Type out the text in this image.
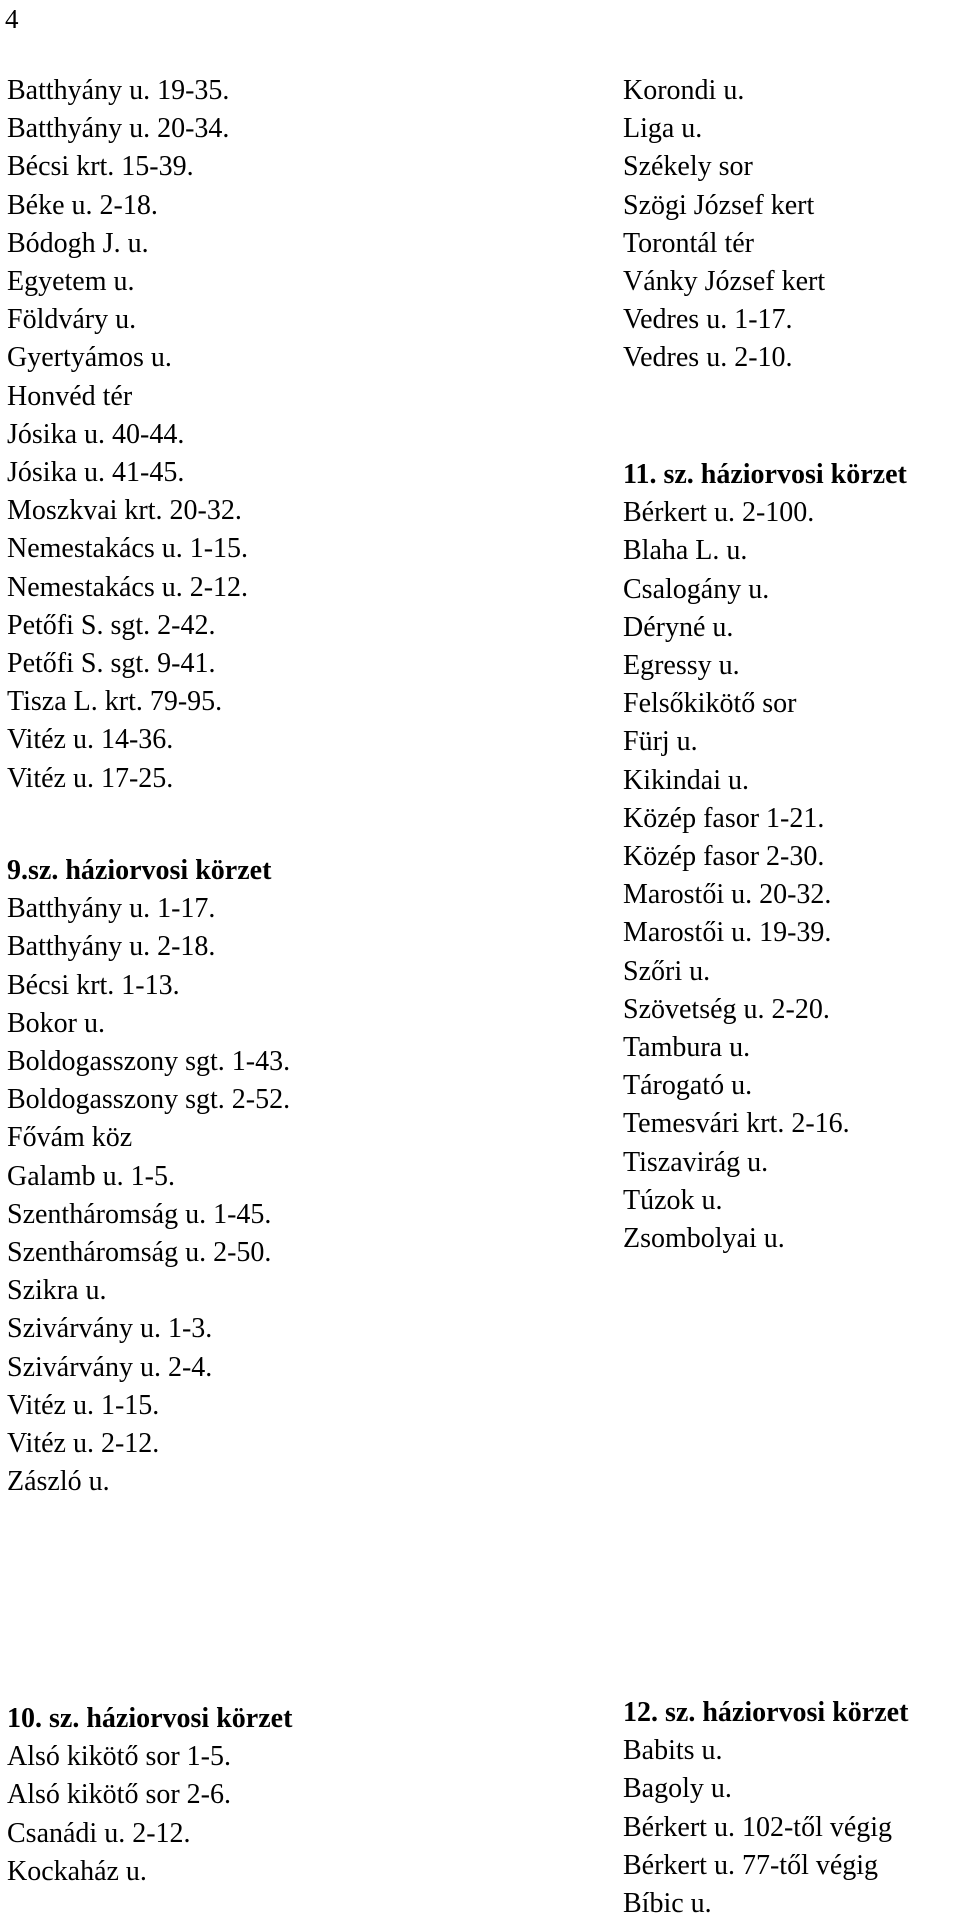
4
Batthyány u. 19-35.
Batthyány u. 20-34.
Bécsi krt. 15-39.
Béke u. 2-18.
Bódogh J. u.
Egyetem u.
Földváry u.
Gyertyámos u.
Honvéd tér
Jósika u. 40-44.
Jósika u. 41-45.
Moszkvai krt. 20-32.
Nemestakács u. 1-15.
Nemestakács u. 2-12.
Petőfi S. sgt. 2-42.
Petőfi S. sgt. 9-41.
Tisza L. krt. 79-95.
Vitéz u. 14-36.
Vitéz u. 17-25.
9.sz. háziorvosi körzet
Batthyány u. 1-17.
Batthyány u. 2-18.
Bécsi krt. 1-13.
Bokor u.
Boldogasszony sgt. 1-43.
Boldogasszony sgt. 2-52.
Fővám köz
Galamb u. 1-5.
Szentháromság u. 1-45.
Szentháromság u. 2-50.
Szikra u.
Szivárvány u. 1-3.
Szivárvány u. 2-4.
Vitéz u. 1-15.
Vitéz u. 2-12.
Zászló u.
Korondi u.
Liga u.
Székely sor
Szögi József kert
Torontál tér
Vánky József kert
Vedres u. 1-17.
Vedres u. 2-10.
11. sz. háziorvosi körzet
Bérkert u. 2-100.
Blaha L. u.
Csalogány u.
Déryné u.
Egressy u.
Felsőkikötő sor
Fürj u.
Kikindai u.
Közép fasor 1-21.
Közép fasor 2-30.
Marostői u. 20-32.
Marostői u. 19-39.
Szőri u.
Szövetség u. 2-20.
Tambura u.
Tárogató u.
Temesvári krt. 2-16.
Tiszavirág u.
Túzok u.
Zsombolyai u.
10. sz. háziorvosi körzet
Alsó kikötő sor 1-5.
Alsó kikötő sor 2-6.
Csanádi u. 2-12.
Kockaház u.
12. sz. háziorvosi körzet
Babits u.
Bagoly u.
Bérkert u. 102-től végig
Bérkert u. 77-től végig
Bíbic u.
